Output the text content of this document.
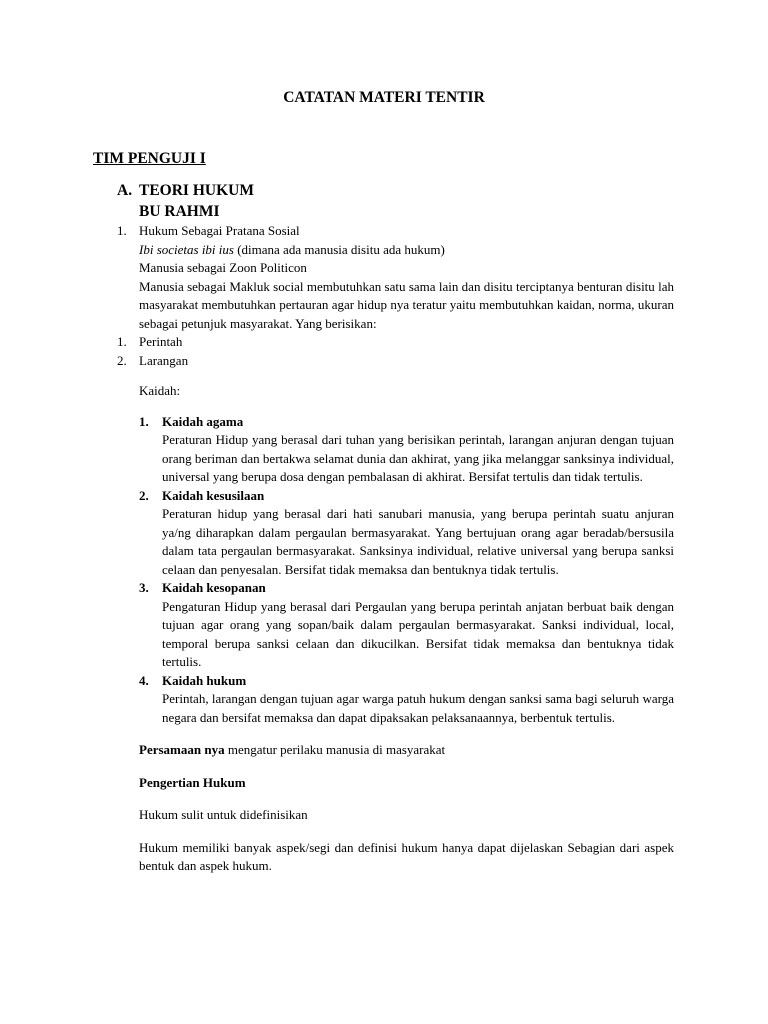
CATATAN MATERI TENTIR
TIM PENGUJI I
A. TEORI HUKUM
BU RAHMI
1. Hukum Sebagai Pratana Sosial

Ibi societas ibi ius (dimana ada manusia disitu ada hukum)

Manusia sebagai Zoon Politicon

Manusia sebagai Makluk social membutuhkan satu sama lain dan disitu terciptanya benturan disitu lah masyarakat membutuhkan pertauran agar hidup nya teratur yaitu membutuhkan kaidan, norma, ukuran sebagai petunjuk masyarakat. Yang berisikan:

1. Perintah
2. Larangan

Kaidah:

1.	Kaidah agama

Peraturan Hidup yang berasal dari tuhan yang berisikan perintah, larangan anjuran dengan tujuan orang beriman dan bertakwa selamat dunia dan akhirat, yang jika melanggar sanksinya individual, universal yang berupa dosa dengan pembalasan di akhirat. Bersifat tertulis dan tidak tertulis.

2.	Kaidah kesusilaan

Peraturan hidup yang berasal dari hati sanubari manusia, yang berupa perintah suatu anjuran ya/ng diharapkan dalam pergaulan bermasyarakat. Yang bertujuan orang agar beradab/bersusila dalam tata pergaulan bermasyarakat. Sanksinya individual, relative universal yang berupa sanksi celaan dan penyesalan. Bersifat tidak memaksa dan bentuknya tidak tertulis.

3.	Kaidah kesopanan

Pengaturan Hidup yang berasal dari Pergaulan yang berupa perintah anjatan berbuat baik dengan tujuan agar orang yang sopan/baik dalam pergaulan bermasyarakat. Sanksi individual, local, temporal berupa sanksi celaan dan dikucilkan. Bersifat tidak memaksa dan bentuknya tidak tertulis.

4.	Kaidah hukum

Perintah, larangan dengan tujuan agar warga patuh hukum dengan sanksi sama bagi seluruh warga negara dan bersifat memaksa dan dapat dipaksakan pelaksanaannya, berbentuk tertulis.

Persamaan nya mengatur perilaku manusia di masyarakat

Pengertian Hukum

Hukum sulit untuk didefinisikan

Hukum memiliki banyak aspek/segi dan definisi hukum hanya dapat dijelaskan Sebagian dari aspek bentuk dan aspek hukum.
